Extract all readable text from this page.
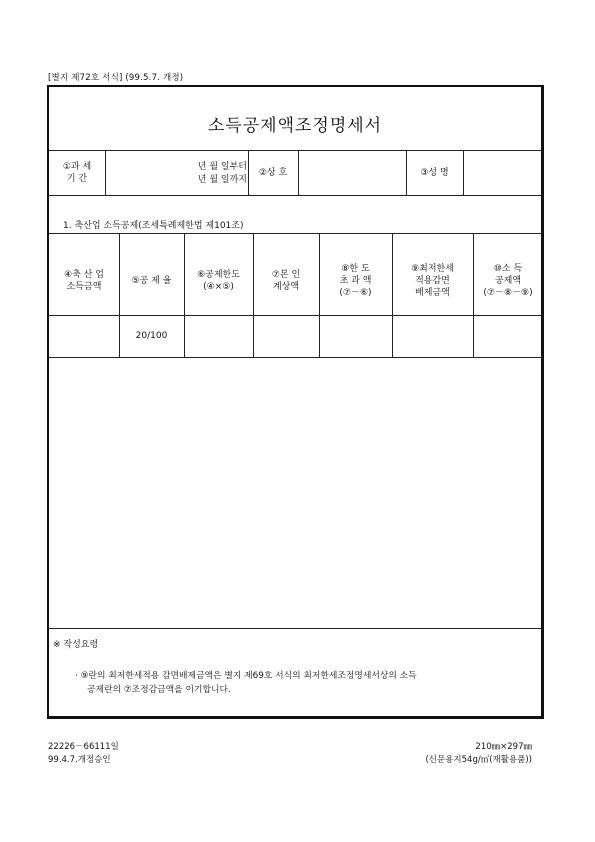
[별지 제72호 서식] (99.5.7. 개정)
소득공제액조정명세서
①과 세
기 간
년 월 일부터
년 월 일까지
②상 호	③성 명
1. 축산업 소득공제(조세특례제한법 제101조)
④축 산 업
소득금액
⑤공 제 율
⑥공제한도
(④×⑤)
⑦본 인
계상액
⑧한 도
초 과 액
(⑦－⑥)
⑨최저한세
적용감면
배제금액
⑩소 득
공제액
(⑦－⑧－⑨)
20/100
※ 작성요령
· ⑨란의 최저한세적용 감면배제금액은 별지 제69호 서식의 최저한세조정명세서상의 소득
공제란의 ⑦조정감금액을 이기합니다.
22226－66111일
99.4.7.개정승인
210㎜×297㎜
(신문용지54g/㎡(재활용품))
